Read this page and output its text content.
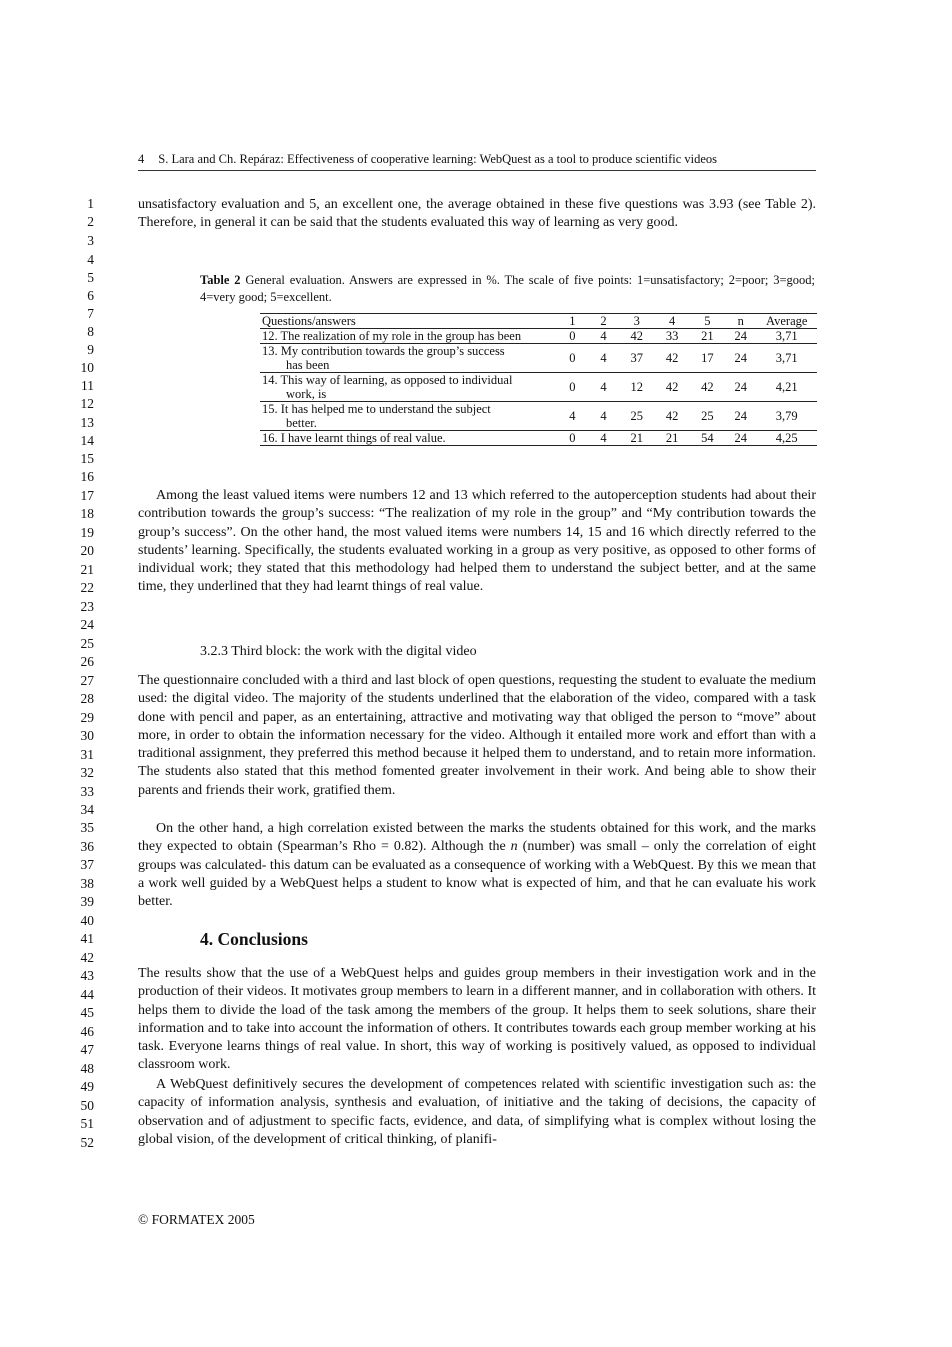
4 S. Lara and Ch. Repáraz: Effectiveness of cooperative learning: WebQuest as a tool to produce scientific videos
1
2
3
4
5
6
7
8
9
10
11
12
13
14
15
16
17
18
19
20
21
22
23
24
25
26
27
28
29
30
31
32
33
34
35
36
37
38
39
40
41
42
43
44
45
46
47
48
49
50
51
52
unsatisfactory evaluation and 5, an excellent one, the average obtained in these five questions was 3.93 (see Table 2). Therefore, in general it can be said that the students evaluated this way of learning as very good.
Table 2 General evaluation. Answers are expressed in %. The scale of five points: 1=unsatisfactory; 2=poor; 3=good; 4=very good; 5=excellent.
Questions/answers	1	2	3	4	5	n	Average

12. The realization of my role in the group has been	0	4	42	33	21	24	3,71

13. My contribution towards the group’s success
has been	0	4	37	42	17	24	3,71

14. This way of learning, as opposed to individual
work, is	0	4	12	42	42	24	4,21

15. It has helped me to understand the subject
better.	4	4	25	42	25	24	3,79

16. I have learnt things of real value.	0	4	21	21	54	24	4,25
Among the least valued items were numbers 12 and 13 which referred to the autoperception students had about their contribution towards the group’s success: “The realization of my role in the group” and “My contribution towards the group’s success”. On the other hand, the most valued items were numbers 14, 15 and 16 which directly referred to the students’ learning. Specifically, the students evaluated working in a group as very positive, as opposed to other forms of individual work; they stated that this methodology had helped them to understand the subject better, and at the same time, they underlined that they had learnt things of real value.
3.2.3 Third block: the work with the digital video
The questionnaire concluded with a third and last block of open questions, requesting the student to evaluate the medium used: the digital video. The majority of the students underlined that the elaboration of the video, compared with a task done with pencil and paper, as an entertaining, attractive and motivating way that obliged the person to “move” about more, in order to obtain the information necessary for the video. Although it entailed more work and effort than with a traditional assignment, they preferred this method because it helped them to understand, and to retain more information. The students also stated that this method fomented greater involvement in their work. And being able to show their parents and friends their work, gratified them.
On the other hand, a high correlation existed between the marks the students obtained for this work, and the marks they expected to obtain (Spearman’s Rho = 0.82). Although the n (number) was small – only the correlation of eight groups was calculated- this datum can be evaluated as a consequence of working with a WebQuest. By this we mean that a work well guided by a WebQuest helps a student to know what is expected of him, and that he can evaluate his work better.
4. Conclusions
The results show that the use of a WebQuest helps and guides group members in their investigation work and in the production of their videos. It motivates group members to learn in a different manner, and in collaboration with others. It helps them to divide the load of the task among the members of the group. It helps them to seek solutions, share their information and to take into account the information of others. It contributes towards each group member working at his task. Everyone learns things of real value. In short, this way of working is positively valued, as opposed to individual classroom work.
A WebQuest definitively secures the development of competences related with scientific investigation such as: the capacity of information analysis, synthesis and evaluation, of initiative and the taking of decisions, the capacity of observation and of adjustment to specific facts, evidence, and data, of simplifying what is complex without losing the global vision, of the development of critical thinking, of planifi-
© FORMATEX 2005
